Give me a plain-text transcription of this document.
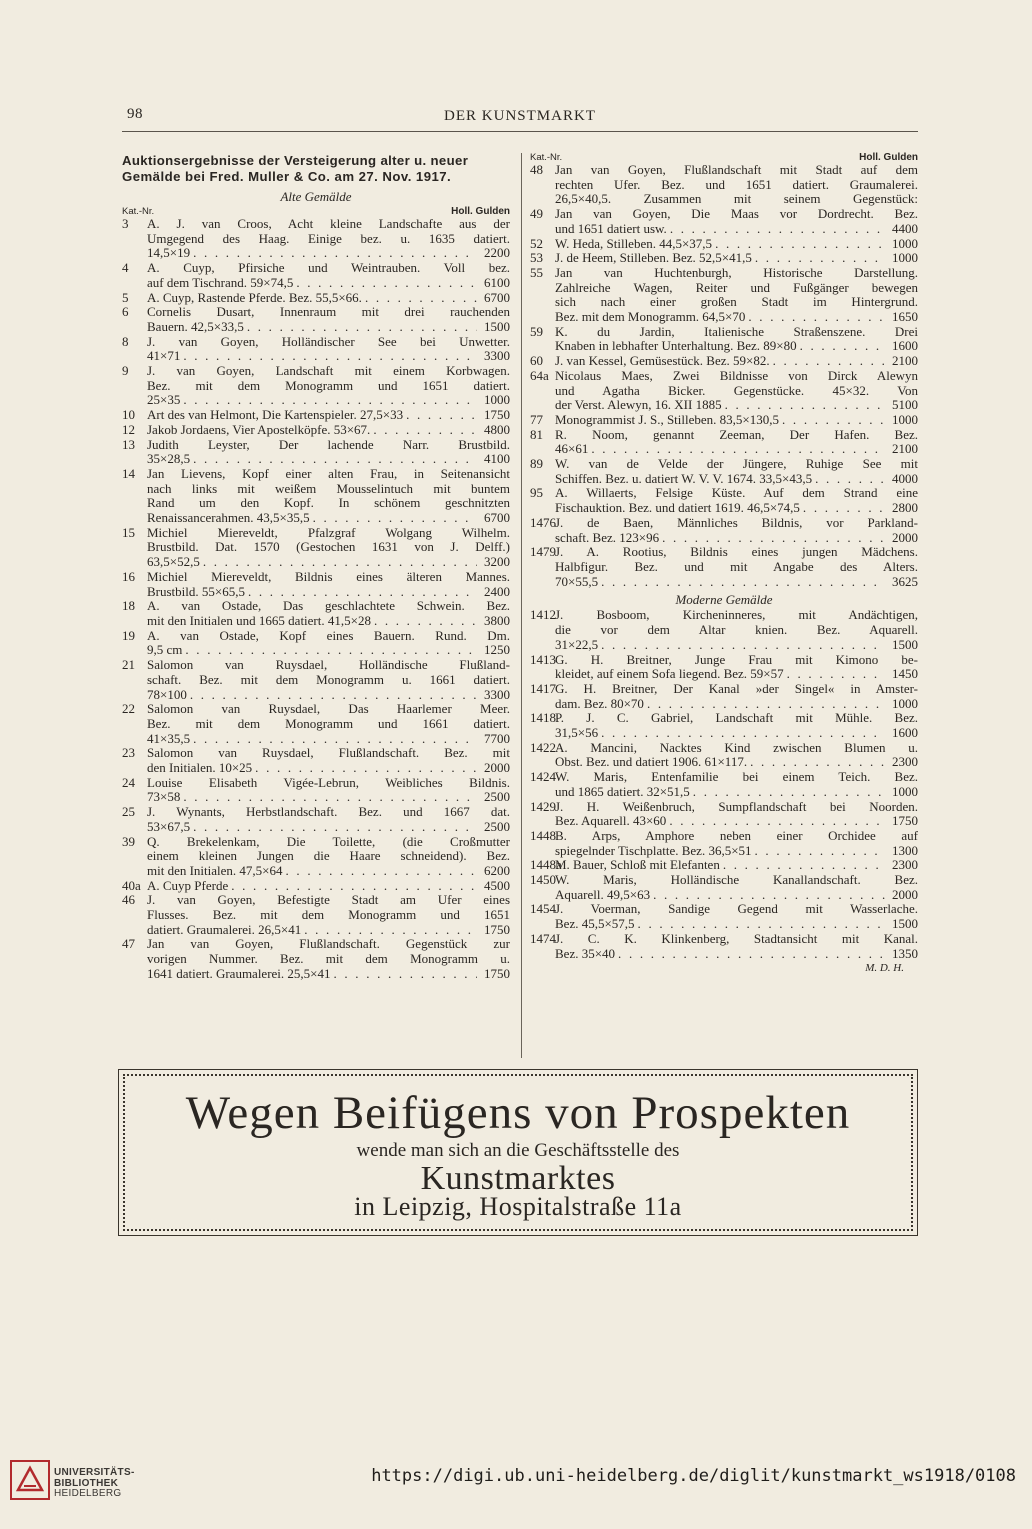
98	DER KUNSTMARKT
Auktionsergebnisse der Versteigerung alter u. neuer
Gemälde bei Fred. Muller & Co. am 27. Nov. 1917.
Alte Gemälde
Kat.-Nr.	Holl. Gulden
3	A. J. van Croos, Acht kleine Landschafte aus der
Umgegend des Haag. Einige bez. u. 1635 datiert.
14,5×19 . . .	2200
4	A. Cuyp, Pfirsiche und Weintrauben. Voll bez.
auf dem Tischrand. 59×74,5 . . .	6100
5	A. Cuyp, Rastende Pferde. Bez. 55,5×66. . . .	6700
6	Cornelis Dusart, Innenraum mit drei rauchenden
Bauern. 42,5×33,5 . . .	1500
8	J. van Goyen, Holländischer See bei Unwetter.
41×71 . . .	3300
9	J. van Goyen, Landschaft mit einem Korbwagen.
Bez. mit dem Monogramm und 1651 datiert.
25×35 . . .	1000
10 Art des van Helmont, Die Kartenspieler. 27,5×33 . . .	1750
12 Jakob Jordaens, Vier Apostelköpfe. 53×67. . . .	4800
13 Judith Leyster, Der lachende Narr. Brustbild.
35×28,5 . . .	4100
14 Jan Lievens, Kopf einer alten Frau, in Seitenansicht
nach links mit weißem Mousselintuch mit buntem
Rand um den Kopf. In schönem geschnitzten
Renaissancerahmen. 43,5×35,5 . . .	6700
15 Michiel Miereveldt, Pfalzgraf Wolgang Wilhelm.
Brustbild. Dat. 1570 (Gestochen 1631 von J. Delff.)
63,5×52,5 . . .	3200
16 Michiel Miereveldt, Bildnis eines älteren Mannes.
Brustbild. 55×65,5 . . .	2400
18 A. van Ostade, Das geschlachtete Schwein. Bez.
mit den Initialen und 1665 datiert. 41,5×28 . . .	3800
19 A. van Ostade, Kopf eines Bauern. Rund. Dm.
9,5 cm . . .	1250
21 Salomon van Ruysdael, Holländische Flußland-
schaft. Bez. mit dem Monogramm u. 1661 datiert.
78×100 . . .	3300
22 Salomon van Ruysdael, Das Haarlemer Meer.
Bez. mit dem Monogramm und 1661 datiert.
41×35,5 . . .	7700
23 Salomon van Ruysdael, Flußlandschaft. Bez. mit
den Initialen. 10×25 . . .	2000
24 Louise Elisabeth Vigée-Lebrun, Weibliches Bildnis.
73×58 . . .	2500
25 J. Wynants, Herbstlandschaft. Bez. und 1667 dat.
53×67,5 . . .	2500
39 Q. Brekelenkam, Die Toilette, (die Croßmutter
einem kleinen Jungen die Haare schneidend). Bez.
mit den Initialen. 47,5×64 . . .	6200
40a A. Cuyp Pferde . . .	4500
46 J. van Goyen, Befestigte Stadt am Ufer eines
Flusses. Bez. mit dem Monogramm und 1651
datiert. Graumalerei. 26,5×41 . . .	1750
47 Jan van Goyen, Flußlandschaft. Gegenstück zur
vorigen Nummer. Bez. mit dem Monogramm u.
1641 datiert. Graumalerei. 25,5×41 . . .	1750
Kat.-Nr.	Holl. Gulden
48 Jan van Goyen, Flußlandschaft mit Stadt auf dem
rechten Ufer. Bez. und 1651 datiert. Graumalerei.
26,5×40,5. Zusammen mit seinem Gegenstück:
49 Jan van Goyen, Die Maas vor Dordrecht. Bez.
und 1651 datiert usw. . . .	4400
52 W. Heda, Stilleben. 44,5×37,5 . . .	1000
53 J. de Heem, Stilleben. Bez. 52,5×41,5 . . .	1000
55 Jan van Huchtenburgh, Historische Darstellung.
Zahlreiche Wagen, Reiter und Fußgänger bewegen
sich nach einer großen Stadt im Hintergrund.
Bez. mit dem Monogramm. 64,5×70 . . .	1650
59 K. du Jardin, Italienische Straßenszene. Drei
Knaben in lebhafter Unterhaltung. Bez. 89×80 . . .	1600
60 J. van Kessel, Gemüsestück. Bez. 59×82. . . .	2100
64a Nicolaus Maes, Zwei Bildnisse von Dirck Alewyn
und Agatha Bicker. Gegenstücke. 45×32. Von
der Verst. Alewyn, 16. XII 1885 . . .	5100
77 Monogrammist J. S., Stilleben. 83,5×130,5 . . .	1000
81 R. Noom, genannt Zeeman, Der Hafen. Bez.
46×61 . . .	2100
89 W. van de Velde der Jüngere, Ruhige See mit
Schiffen. Bez. u. datiert W. V. V. 1674. 33,5×43,5 . . .	4000
95 A. Willaerts, Felsige Küste. Auf dem Strand eine
Fischauktion. Bez. und datiert 1619. 46,5×74,5 . . .	2800
1476 J. de Baen, Männliches Bildnis, vor Parkland-
schaft. Bez. 123×96 . . .	2000
1479 J. A. Rootius, Bildnis eines jungen Mädchens.
Halbfigur. Bez. und mit Angabe des Alters.
70×55,5 . . .	3625
Moderne Gemälde
1412 J. Bosboom, Kircheninneres, mit Andächtigen,
die vor dem Altar knien. Bez. Aquarell.
31×22,5 . . .	1500
1413 G. H. Breitner, Junge Frau mit Kimono be-
kleidet, auf einem Sofa liegend. Bez. 59×57 . . .	1450
1417 G. H. Breitner, Der Kanal »der Singel« in Amster-
dam. Bez. 80×70 . . .	1000
1418 P. J. C. Gabriel, Landschaft mit Mühle. Bez.
31,5×56 . . .	1600
1422 A. Mancini, Nacktes Kind zwischen Blumen u.
Obst. Bez. und datiert 1906. 61×117. . . .	2300
1424 W. Maris, Entenfamilie bei einem Teich. Bez.
und 1865 datiert. 32×51,5 . . .	1000
1429 J. H. Weißenbruch, Sumpflandschaft bei Noorden.
Bez. Aquarell. 43×60 . . .	1750
1448 B. Arps, Amphore neben einer Orchidee auf
spiegelnder Tischplatte. Bez. 36,5×51 . . .	1300
1448a
M. Bauer, Schloß mit Elefanten . . .	2300
1450 W. Maris, Holländische Kanallandschaft. Bez.
Aquarell. 49,5×63 . . .	2000
1454 J. Voerman, Sandige Gegend mit Wasserlache.
Bez. 45,5×57,5 . . .	1500
1474 J. C. K. Klinkenberg, Stadtansicht mit Kanal.
Bez. 35×40 . . .	1350
M. D. H.
Wegen Beifügens von Prospekten
wende man sich an die Geschäftsstelle des
Kunstmarktes
in Leipzig, Hospitalstraße 11a
UNIVERSITÄTS-
BIBLIOTHEK
HEIDELBERG
https://digi.ub.uni-heidelberg.de/diglit/kunstmarkt_ws1918/0108
